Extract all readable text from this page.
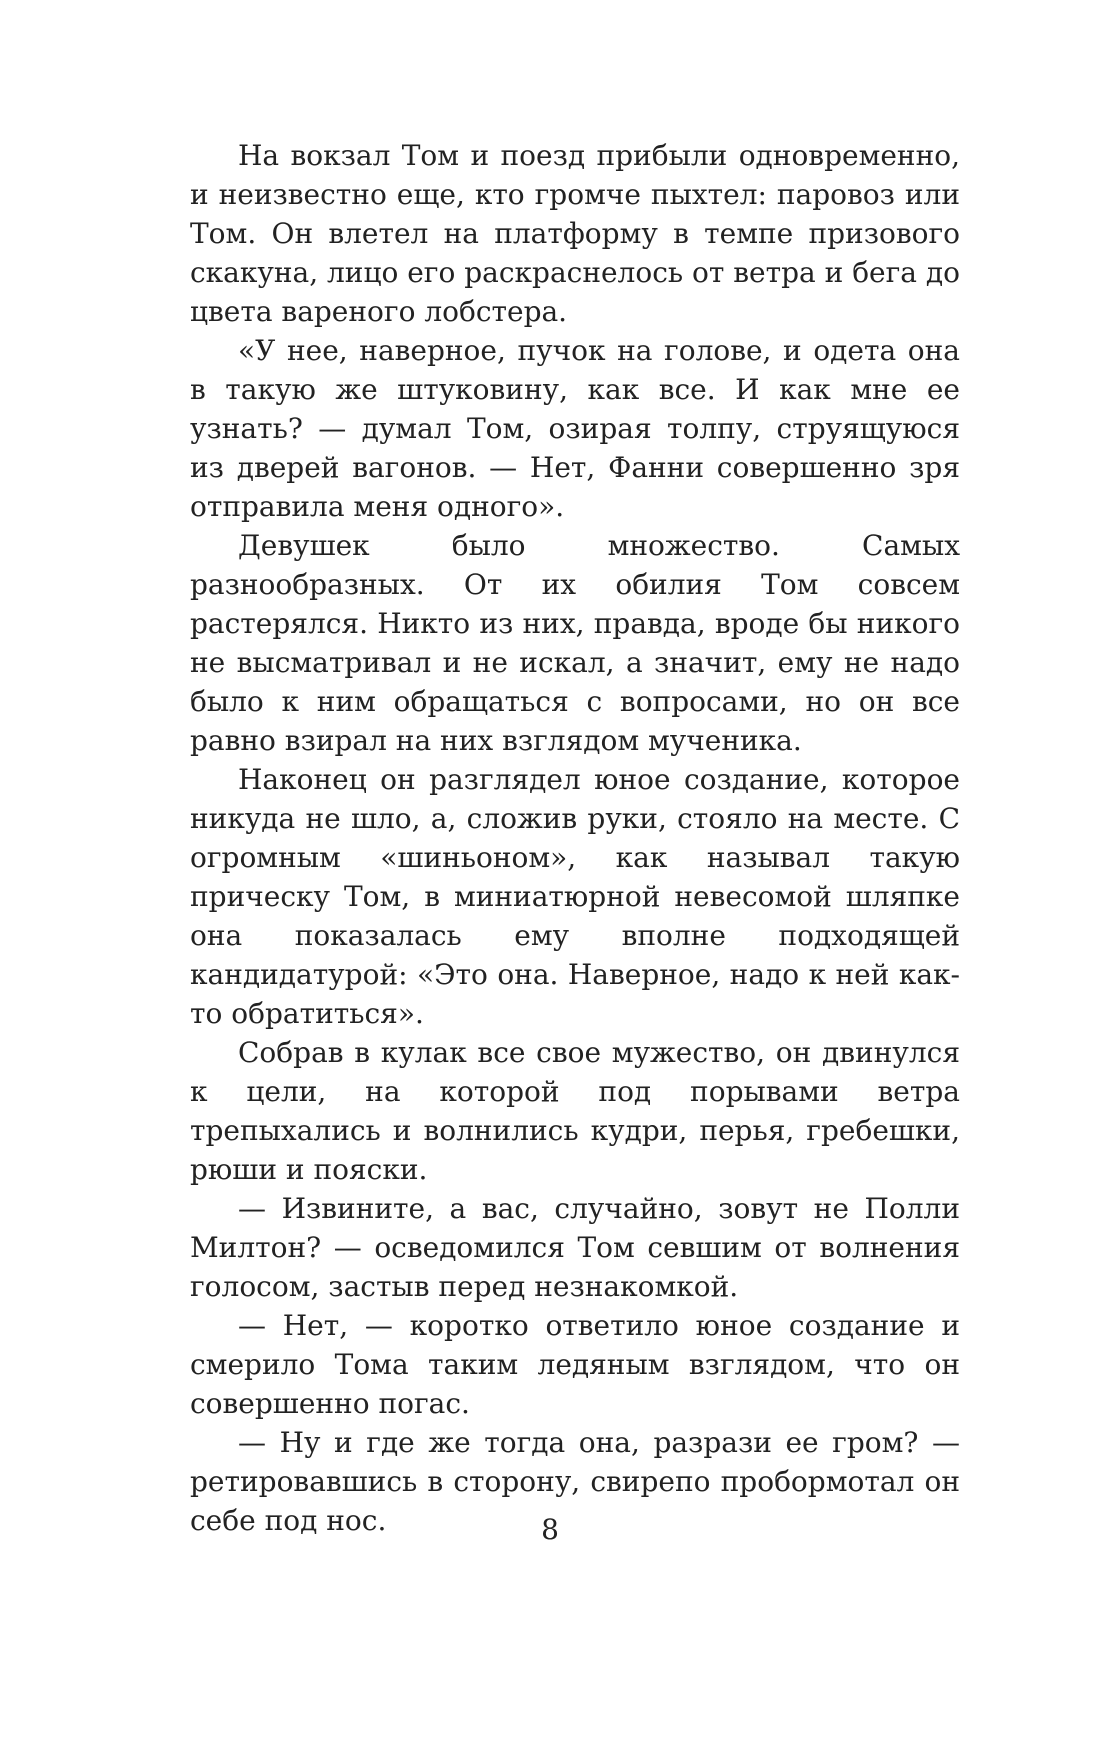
На вокзал Том и поезд прибыли одновременно, и неизвестно еще, кто громче пыхтел: паровоз или Том. Он влетел на платформу в темпе призового скакуна, лицо его раскраснелось от ветра и бега до цвета вареного лобстера.

«У нее, наверное, пучок на голове, и одета она в такую же штуковину, как все. И как мне ее узнать? — думал Том, озирая толпу, струящуюся из дверей вагонов. — Нет, Фанни совершенно зря отправила меня одного».

Девушек было множество. Самых разнообразных. От их обилия Том совсем растерялся. Никто из них, правда, вроде бы никого не высматривал и не искал, а значит, ему не надо было к ним обращаться с вопросами, но он все равно взирал на них взглядом мученика.

Наконец он разглядел юное создание, которое никуда не шло, а, сложив руки, стояло на месте. С огромным «шиньоном», как называл такую прическу Том, в миниатюрной невесомой шляпке она показалась ему вполне подходящей кандидатурой: «Это она. Наверное, надо к ней как-то обратиться».

Собрав в кулак все свое мужество, он двинулся к цели, на которой под порывами ветра трепыхались и волнились кудри, перья, гребешки, рюши и пояски.

— Извините, а вас, случайно, зовут не Полли Милтон? — осведомился Том севшим от волнения голосом, застыв перед незнакомкой.

— Нет, — коротко ответило юное создание и смерило Тома таким ледяным взглядом, что он совершенно погас.

— Ну и где же тогда она, разрази ее гром? — ретировавшись в сторону, свирепо пробормотал он себе под нос.	8
